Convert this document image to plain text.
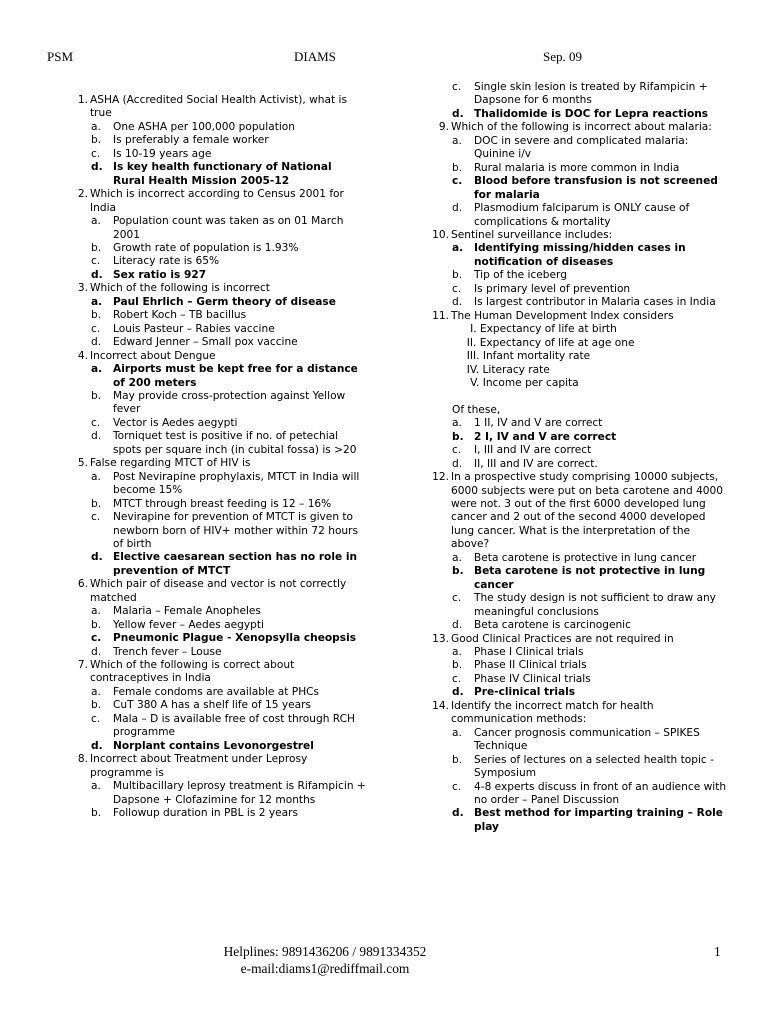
PSM	DIAMS	Sep. 09
1. ASHA (Accredited Social Health Activist), what is true
a. One ASHA per 100,000 population
b. Is preferably a female worker
c. Is 10-19 years age
d. Is key health functionary of National Rural Health Mission 2005-12
2. Which is incorrect according to Census 2001 for India
a. Population count was taken as on 01 March 2001
b. Growth rate of population is 1.93%
c. Literacy rate is 65%
d. Sex ratio is 927
3. Which of the following is incorrect
a. Paul Ehrlich – Germ theory of disease
b. Robert Koch – TB bacillus
c. Louis Pasteur – Rabies vaccine
d. Edward Jenner – Small pox vaccine
4. Incorrect about Dengue
a. Airports must be kept free for a distance of 200 meters
b. May provide cross-protection against Yellow fever
c. Vector is Aedes aegypti
d. Torniquet test is positive if no. of petechial spots per square inch (in cubital fossa) is >20
5. False regarding MTCT of HIV is
a. Post Nevirapine prophylaxis, MTCT in India will become 15%
b. MTCT through breast feeding is 12 – 16%
c. Nevirapine for prevention of MTCT is given to newborn born of HIV+ mother within 72 hours of birth
d. Elective caesarean section has no role in prevention of MTCT
6. Which pair of disease and vector is not correctly matched
a. Malaria – Female Anopheles
b. Yellow fever – Aedes aegypti
c. Pneumonic Plague - Xenopsylla cheopsis
d. Trench fever – Louse
7. Which of the following is correct about contraceptives in India
a. Female condoms are available at PHCs
b. CuT 380 A has a shelf life of 15 years
c. Mala – D is available free of cost through RCH programme
d. Norplant contains Levonorgestrel
8. Incorrect about Treatment under Leprosy programme is
a. Multibacillary leprosy treatment is Rifampicin + Dapsone + Clofazimine for 12 months
b. Followup duration in PBL is 2 years
c. Single skin lesion is treated by Rifampicin + Dapsone for 6 months
d. Thalidomide is DOC for Lepra reactions
9. Which of the following is incorrect about malaria:
a. DOC in severe and complicated malaria: Quinine i/v
b. Rural malaria is more common in India
c. Blood before transfusion is not screened for malaria
d. Plasmodium falciparum is ONLY cause of complications & mortality
10. Sentinel surveillance includes:
a. Identifying missing/hidden cases in notification of diseases
b. Tip of the iceberg
c. Is primary level of prevention
d. Is largest contributor in Malaria cases in India
11. The Human Development Index considers
I. Expectancy of life at birth
II. Expectancy of life at age one
III. Infant mortality rate
IV. Literacy rate
V. Income per capita
Of these,
a. 1 II, IV and V are correct
b. 2 I, IV and V are correct
c. I, III and IV are correct
d. II, III and IV are correct.
12. In a prospective study comprising 10000 subjects, 6000 subjects were put on beta carotene and 4000 were not. 3 out of the first 6000 developed lung cancer and 2 out of the second 4000 developed lung cancer. What is the interpretation of the above?
a. Beta carotene is protective in lung cancer
b. Beta carotene is not protective in lung cancer
c. The study design is not sufficient to draw any meaningful conclusions
d. Beta carotene is carcinogenic
13. Good Clinical Practices are not required in
a. Phase I Clinical trials
b. Phase II Clinical trials
c. Phase IV Clinical trials
d. Pre-clinical trials
14. Identify the incorrect match for health communication methods:
a. Cancer prognosis communication – SPIKES Technique
b. Series of lectures on a selected health topic - Symposium
c. 4-8 experts discuss in front of an audience with no order – Panel Discussion
d. Best method for imparting training – Role play
Helplines: 9891436206 / 9891334352
e-mail:diams1@rediffmail.com
1
